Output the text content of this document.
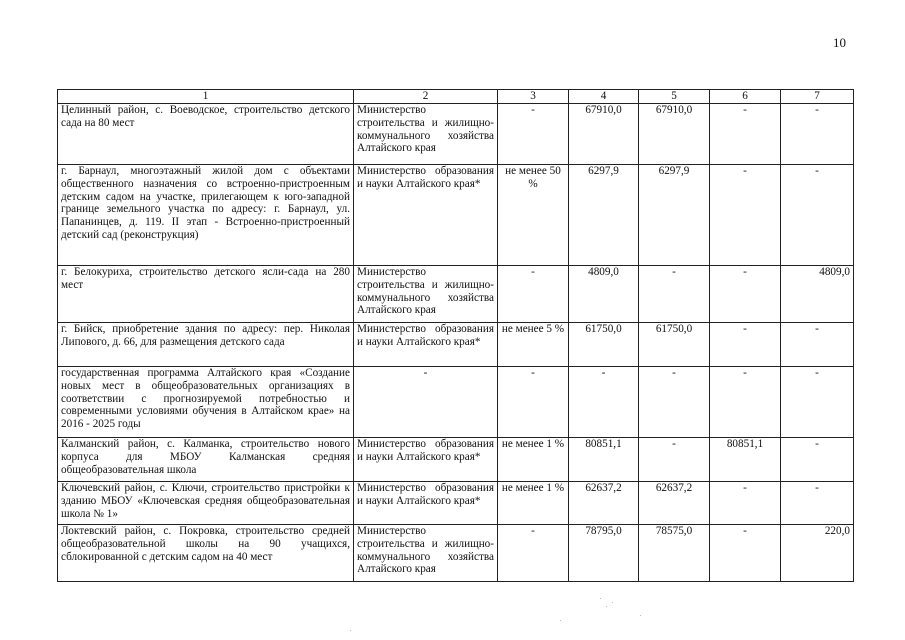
10
1	2	3	4	5	6	7
Целинный район, с. Воеводское, строительство детского сада на 80 мест	Министерство строительства и жилищно-коммунального хозяйства Алтайского края	-	67910,0	67910,0	-	-
г. Барнаул, многоэтажный жилой дом с объектами общественного назначения со встроенно-пристроенным детским садом на участке, прилегающем к юго-западной границе земельного участка по адресу: г. Барнаул, ул. Папанинцев, д. 119. II этап - Встроенно-пристроенный детский сад (реконструкция)	Министерство образования и науки Алтайского края*	не менее 50 %	6297,9	6297,9	-	-
г. Белокуриха, строительство детского ясли-сада на 280 мест	Министерство строительства и жилищно-коммунального хозяйства Алтайского края	-	4809,0	-	-	4809,0
г. Бийск, приобретение здания по адресу: пер. Николая Липового, д. 66, для размещения детского сада	Министерство образования и науки Алтайского края*	не менее 5 %	61750,0	61750,0	-	-
государственная программа Алтайского края «Создание новых мест в общеобразовательных организациях в соответствии с прогнозируемой потребностью и современными условиями обучения в Алтайском крае» на 2016 - 2025 годы	-	-	-	-	-	-
Калманский район, с. Калманка, строительство нового корпуса для МБОУ Калманская средняя общеобразовательная школа	Министерство образования и науки Алтайского края*	не менее 1 %	80851,1	-	80851,1	-
Ключевский район, с. Ключи, строительство пристройки к зданию МБОУ «Ключевская средняя общеобразовательная школа № 1»	Министерство образования и науки Алтайского края*	не менее 1 %	62637,2	62637,2	-	-
Локтевский район, с. Покровка, строительство средней общеобразовательной школы на 90 учащихся, сблокированной с детским садом на 40 мест	Министерство строительства и жилищно-коммунального хозяйства Алтайского края	-	78795,0	78575,0	-	220,0
